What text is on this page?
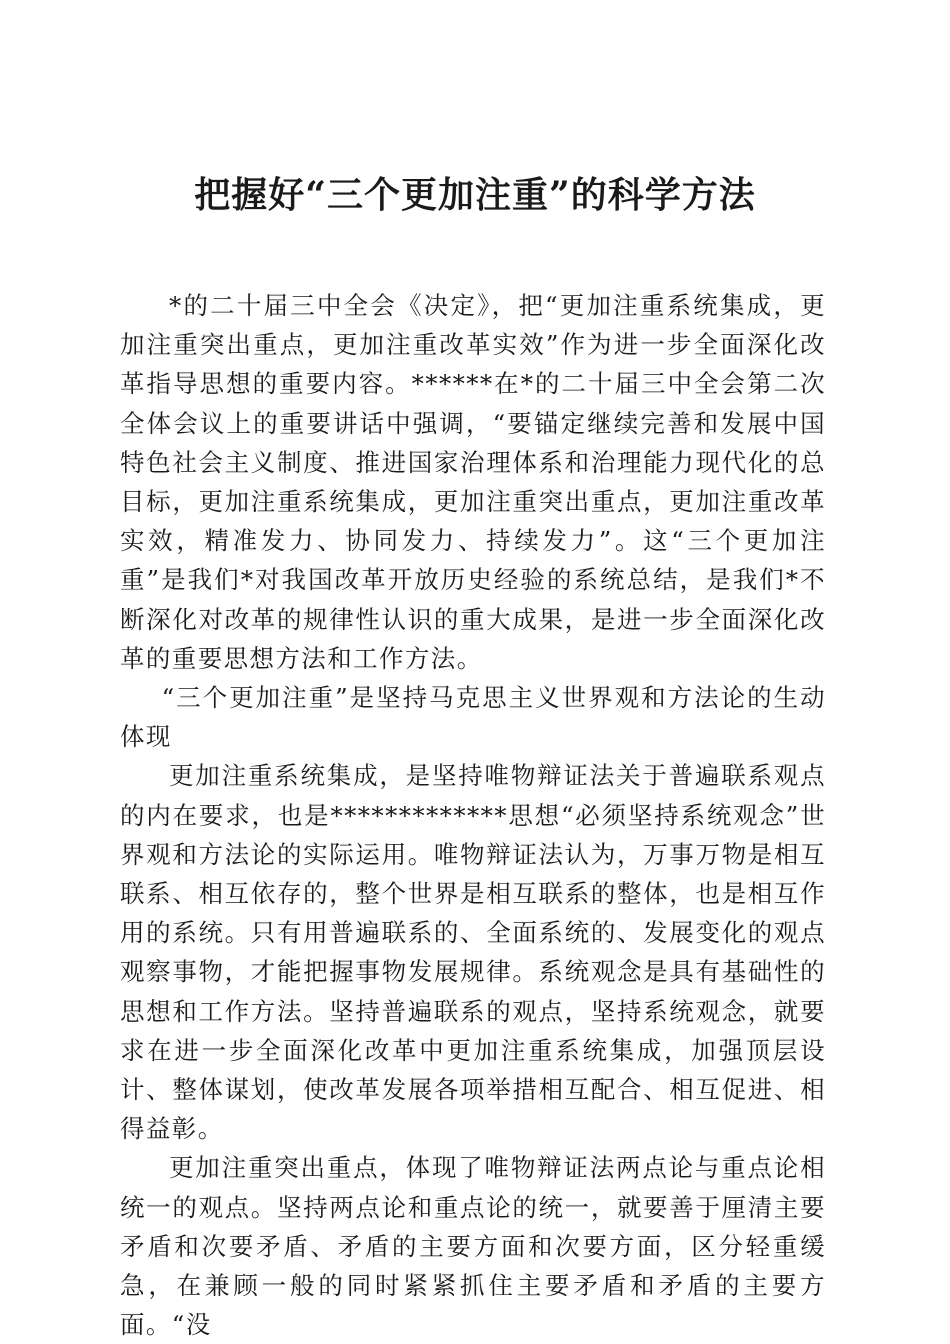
把握好“三个更加注重”的科学方法

*的二十届三中全会《决定》，把“更加注重系统集成，更加注重突出重点，更加注重改革实效”作为进一步全面深化改革指导思想的重要内容。******在*的二十届三中全会第二次全体会议上的重要讲话中强调，“要锚定继续完善和发展中国特色社会主义制度、推进国家治理体系和治理能力现代化的总目标，更加注重系统集成，更加注重突出重点，更加注重改革实效，精准发力、协同发力、持续发力”。这“三个更加注重”是我们*对我国改革开放历史经验的系统总结，是我们*不断深化对改革的规律性认识的重大成果，是进一步全面深化改革的重要思想方法和工作方法。

“三个更加注重”是坚持马克思主义世界观和方法论的生动体现

更加注重系统集成，是坚持唯物辩证法关于普遍联系观点的内在要求，也是*************思想“必须坚持系统观念”世界观和方法论的实际运用。唯物辩证法认为，万事万物是相互联系、相互依存的，整个世界是相互联系的整体，也是相互作用的系统。只有用普遍联系的、全面系统的、发展变化的观点观察事物，才能把握事物发展规律。系统观念是具有基础性的思想和工作方法。坚持普遍联系的观点，坚持系统观念，就要求在进一步全面深化改革中更加注重系统集成，加强顶层设计、整体谋划，使改革发展各项举措相互配合、相互促进、相得益彰。

更加注重突出重点，体现了唯物辩证法两点论与重点论相统一的观点。坚持两点论和重点论的统一，就要善于厘清主要矛盾和次要矛盾、矛盾的主要方面和次要方面，区分轻重缓急，在兼顾一般的同时紧紧抓住主要矛盾和矛盾的主要方面。“没
